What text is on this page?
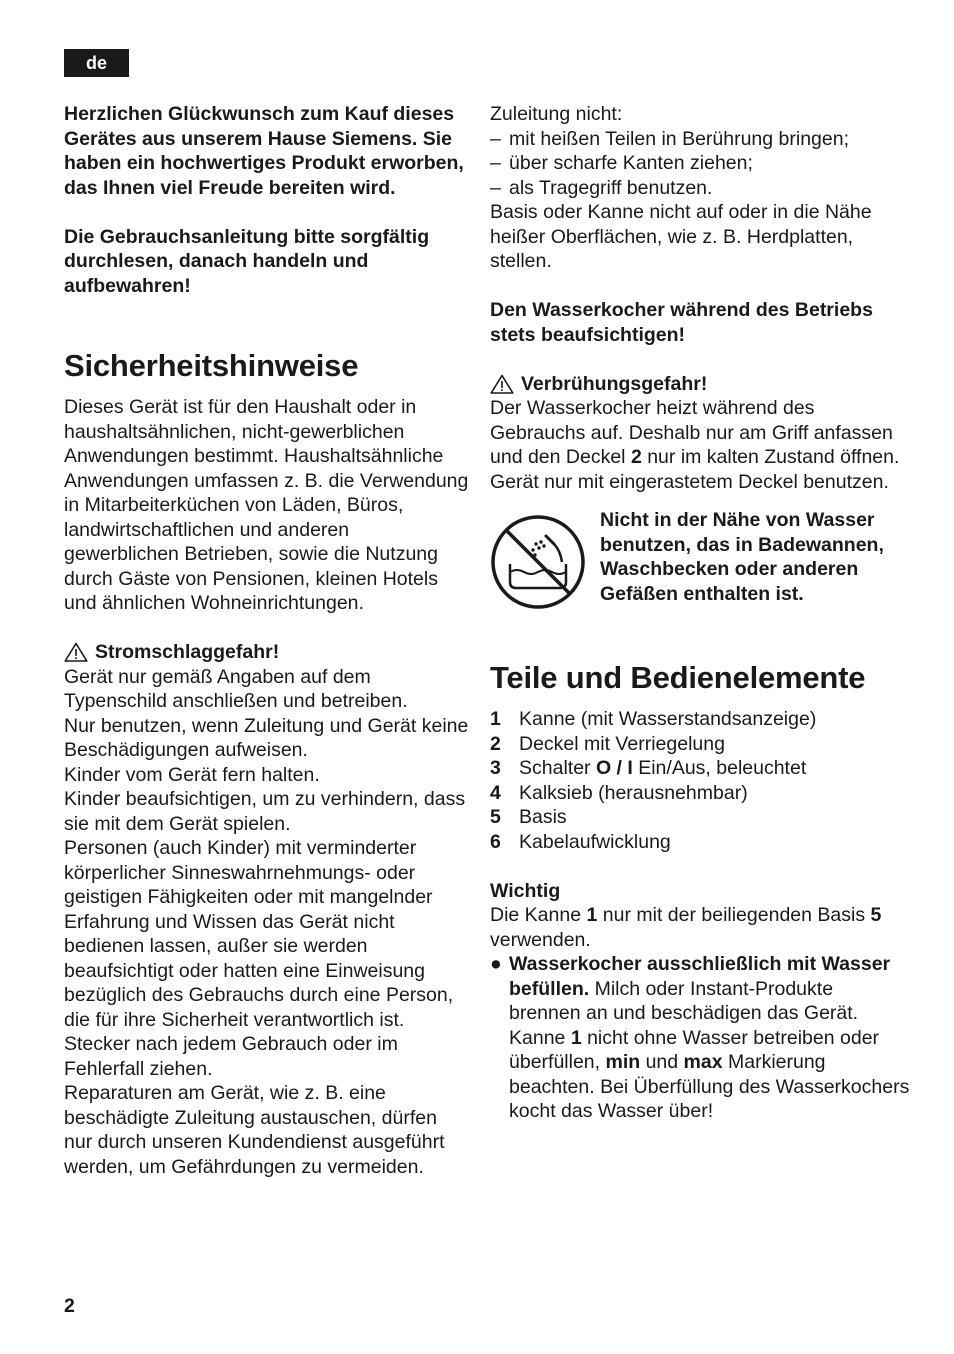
de

Herzlichen Glückwunsch zum Kauf dieses Gerätes aus unserem Hause Siemens. Sie haben ein hochwertiges Produkt erworben, das Ihnen viel Freude bereiten wird.

Die Gebrauchsanleitung bitte sorgfältig durchlesen, danach handeln und aufbewahren!

Sicherheitshinweise

Dieses Gerät ist für den Haushalt oder in haushaltsähnlichen, nicht-gewerblichen Anwendungen bestimmt. Haushaltsähnliche Anwendungen umfassen z. B. die Verwendung in Mitarbeiterküchen von Läden, Büros, landwirtschaftlichen und anderen gewerblichen Betrieben, sowie die Nutzung durch Gäste von Pensionen, kleinen Hotels und ähnlichen Wohneinrichtungen.

Stromschlaggefahr!

Gerät nur gemäß Angaben auf dem Typenschild anschließen und betreiben.

Nur benutzen, wenn Zuleitung und Gerät keine Beschädigungen aufweisen.

Kinder vom Gerät fern halten.

Kinder beaufsichtigen, um zu verhindern, dass sie mit dem Gerät spielen.

Personen (auch Kinder) mit verminderter körperlicher Sinneswahrnehmungs- oder geistigen Fähigkeiten oder mit mangelnder Erfahrung und Wissen das Gerät nicht bedienen lassen, außer sie werden beaufsichtigt oder hatten eine Einweisung bezüglich des Gebrauchs durch eine Person, die für ihre Sicherheit verantwortlich ist.

Stecker nach jedem Gebrauch oder im Fehlerfall ziehen.

Reparaturen am Gerät, wie z. B. eine beschädigte Zuleitung austauschen, dürfen nur durch unseren Kundendienst ausgeführt werden, um Gefährdungen zu vermeiden.

Zuleitung nicht:

– mit heißen Teilen in Berührung bringen;
– über scharfe Kanten ziehen;
– als Tragegriff benutzen.

Basis oder Kanne nicht auf oder in die Nähe heißer Oberflächen, wie z. B. Herdplatten, stellen.

Den Wasserkocher während des Betriebs stets beaufsichtigen!

Verbrühungsgefahr!

Der Wasserkocher heizt während des Gebrauchs auf. Deshalb nur am Griff anfassen und den Deckel 2 nur im kalten Zustand öffnen.

Gerät nur mit eingerastetem Deckel benutzen.

Nicht in der Nähe von Wasser benutzen, das in Badewannen, Waschbecken oder anderen Gefäßen enthalten ist.

Teile und Bedienelemente
1 Kanne (mit Wasserstandsanzeige)
2 Deckel mit Verriegelung
3 Schalter O / I Ein/Aus, beleuchtet
4 Kalksieb (herausnehmbar)
5 Basis
6 Kabelaufwicklung

Wichtig

Die Kanne 1 nur mit der beiliegenden Basis 5 verwenden.

● Wasserkocher ausschließlich mit Wasser befüllen. Milch oder Instant-Produkte brennen an und beschädigen das Gerät. Kanne 1 nicht ohne Wasser betreiben oder überfüllen, min und max Markierung beachten. Bei Überfüllung des Wasserkochers kocht das Wasser über!

2
